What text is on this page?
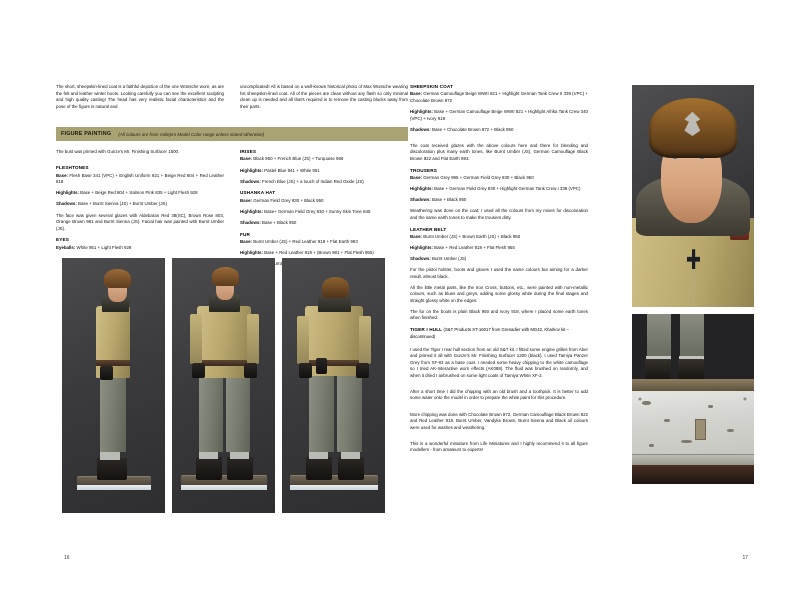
The short, sheepskin-lined coat is a faithful depiction of the one Wünsche wore, as are the felt and leather winter boots. Looking carefully you can see the excellent sculpting and high quality casting! The head has very realistic facial characteristics and the pose of the figure is natural and

uncomplicated! All is based on a well-known historical photo of Max Wünsche wearing his sheepskin-lined coat. All of the pieces are clean without any flash so only minimal clean up is needed and all that's required is to remove the casting blocks away from their parts.

FIGURE PAINTING (All colours are from Vallejo's Model Color range unless stated otherwise)

The bust was primed with Gunze's Mr. Finishing Surfacer 1500.

FLESHTONES

Base: Flesh Base 341 (VPC) + English Uniform 921 + Beige Red 804 + Red Leather 818

Highlights: Base + Beige Red 804 + Salmon Pink 835 + Light Flesh 928

Shadows: Base + Burnt Sienna (JS) + Burnt Umber (JS)

The face was given several glazes with Aldebaran Red 38(SC), Brown Rose 803, Orange Brown 981 and Burnt Sienna (JS). Facial hair was painted with Burnt Umber (JS).

EYES

Eyeballs: White 951 + Light Flesh 928

IRISES

Base: Black 950 + French Blue (JS) + Turquoise 966

Highlights: Pastel Blue 941 + White 951

Shadows: French Blue (JS) + a touch of Indian Red Oxide (JS)

USHANKA HAT

Base: German Field Grey 830 + Black 950

Highlights: Base+ German Field Grey 830 + Sunny Skin Tone 845

Shadows: Base + Black 950

FUR

Base: Burnt Umber (JS) + Red Leather 818 + Flat Earth 983

Highlights: Base + Red Leather 818 + (Brown 981 + Flat Flesh 955)

Umber

16
SHEEPSKIN COAT

Base: German Camouflage Beige WWII 821 + Highlight German Tank Crew II 339 (VPC) + Chocolate Brown 872

Highlights: Base + German Camouflage Beige WWII 821 + Highlight Afrika Tank Crew 340 (VPC) + Ivory 918

Shadows: Base + Chocolate Brown 872 + Black 950

The coat received glazes with the above colours here and there for blending and discoloration plus many earth tones, like Burnt Umber (JS), German Camouflage Black Brown 822 and Flat Earth 983.

TROUSERS

Base: German Grey 995 + German Field Grey 830 + Black 950

Highlights: Base + German Field Grey 830 + Highlight German Tank Crew I 338 (VPC)

Shadows: Base + Black 950

Weathering was done on the coat; I used all the colours from my mixes for discoloration and the same earth tones to make the trousers dirty.

LEATHER BELT

Base: Burnt Umber (JS) + Brown Earth (JS) + Black 950

Highlights: Base + Red Leather 818 + Flat Flesh 955

Shadows: Burnt Umber (JS)

For the pistol holster, boots and gloves I used the same colours but aiming for a darker result, almost black.

All the little metal parts, like the Iron Cross, buttons, etc., were painted with non-metallic colours, such as blues and greys, adding some glossy white during the final stages and straight glossy white on the edges.

The fur on the boots is plain Black 950 and Ivory 918, where I placed some earth tones when finished.

TIGER I HULL (S&T Products ST-16017 from Grenadier with MG42, Kharkov kit –discontinued)

I used the Tiger I rear hull section from an old S&T kit. I fitted some engine grilles from Aber and primed it all with Gunze's Mr. Finishing Surfacer 1200 (black). I used Tamiya Panzer Grey from XF-63 as a base coat. I needed some heavy chipping to the white camouflage so I tried AK-Interactive worn effects (AK088). The fluid was brushed on randomly, and when it dried I airbrushed on some light coats of Tamiya White XF-2.

After a short time I did the chipping with an old brush and a toothpick. It is better to add some water onto the model in order to prepare the white paint for this procedure.

More chipping was done with Chocolate Brown 872, German Camouflage Black Brown 822 and Red Leather 818. Burnt Umber, Vandyke Brown, Burnt Sienna and Black oil colours were used for washes and weathering.

This is a wonderful miniature from Life Miniatures and I highly recommend it to all figure modellers - from amateurs to experts!

17
